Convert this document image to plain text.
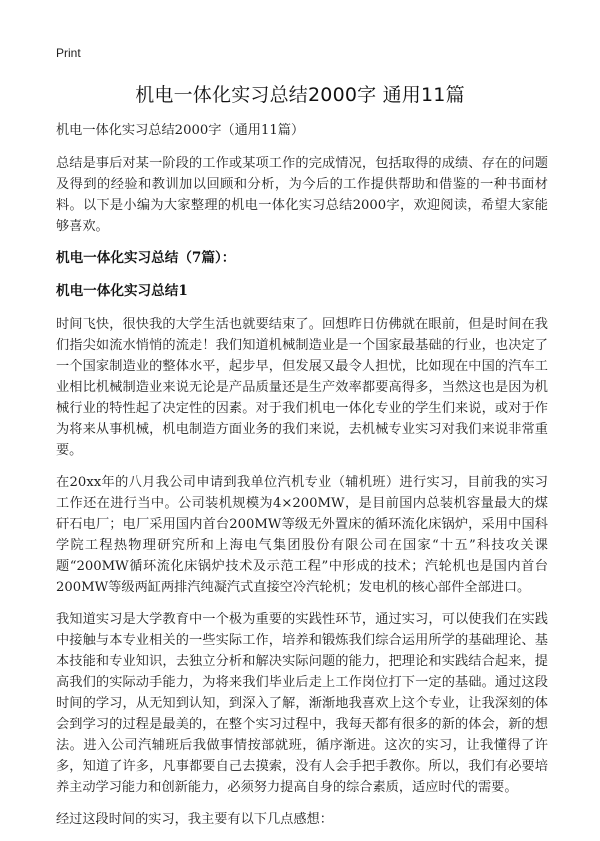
Print
机电一体化实习总结2000字 通用11篇

机电一体化实习总结2000字（通用11篇）

总结是事后对某一阶段的工作或某项工作的完成情况，包括取得的成绩、存在的问题及得到的经验和教训加以回顾和分析，为今后的工作提供帮助和借鉴的一种书面材料。以下是小编为大家整理的机电一体化实习总结2000字，欢迎阅读，希望大家能够喜欢。

机电一体化实习总结（7篇）：

机电一体化实习总结1

时间飞快，很快我的大学生活也就要结束了。回想昨日仿佛就在眼前，但是时间在我们指尖如流水悄悄的流走！我们知道机械制造业是一个国家最基础的行业，也决定了一个国家制造业的整体水平，起步早，但发展又最令人担忧，比如现在中国的汽车工业相比机械制造业来说无论是产品质量还是生产效率都要高得多，当然这也是因为机械行业的特性起了决定性的因素。对于我们机电一体化专业的学生们来说，或对于作为将来从事机械，机电制造方面业务的我们来说，去机械专业实习对我们来说非常重要。

在20xx年的八月我公司申请到我单位汽机专业（辅机班）进行实习，目前我的实习工作还在进行当中。公司装机规模为4×200MW，是目前国内总装机容量最大的煤矸石电厂；电厂采用国内首台200MW等级无外置床的循环流化床锅炉，采用中国科学院工程热物理研究所和上海电气集团股份有限公司在国家“十五”科技攻关课题“200MW循环流化床锅炉技术及示范工程”中形成的技术；汽轮机也是国内首台200MW等级两缸两排汽纯凝汽式直接空冷汽轮机；发电机的核心部件全部进口。

我知道实习是大学教育中一个极为重要的实践性环节，通过实习，可以使我们在实践中接触与本专业相关的一些实际工作，培养和锻炼我们综合运用所学的基础理论、基本技能和专业知识，去独立分析和解决实际问题的能力，把理论和实践结合起来，提高我们的实际动手能力，为将来我们毕业后走上工作岗位打下一定的基础。通过这段时间的学习，从无知到认知，到深入了解，渐渐地我喜欢上这个专业，让我深刻的体会到学习的过程是最美的，在整个实习过程中，我每天都有很多的新的体会，新的想法。进入公司汽辅班后我做事情按部就班，循序渐进。这次的实习，让我懂得了许多，知道了许多，凡事都要自己去摸索，没有人会手把手教你。所以，我们有必要培养主动学习能力和创新能力，必须努力提高自身的综合素质，适应时代的需要。

经过这段时间的实习，我主要有以下几点感想：
